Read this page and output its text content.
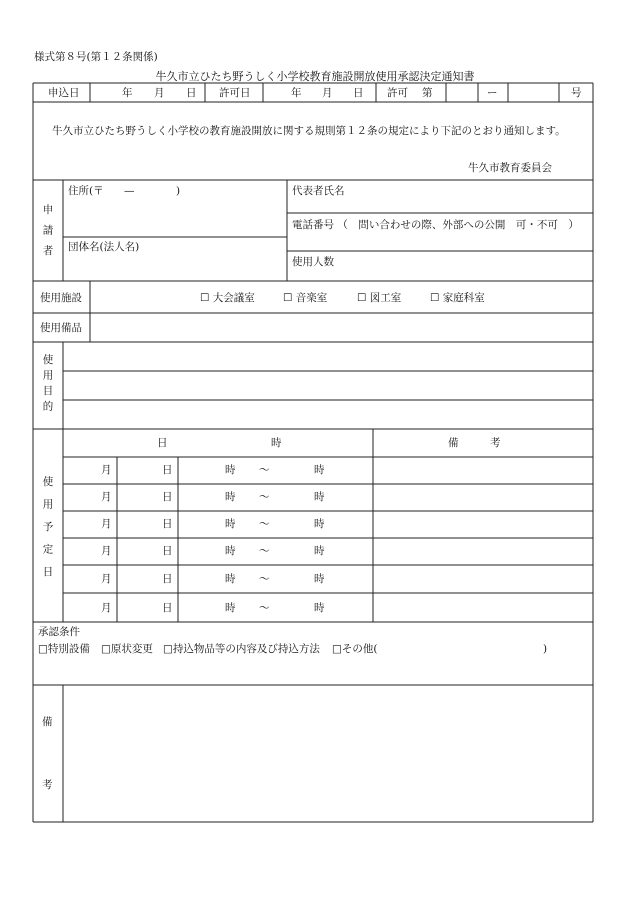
様式第８号(第１２条関係)
牛久市立ひたち野うしく小学校教育施設開放使用承認決定通知書
申込日	年 月 日 許可日	年 月 日 許可 第	ー	号
牛久市立ひたち野うしく小学校の教育施設開放に関する規則第１２条の規定により下記のとおり通知します。
牛久市教育委員会
申請者
住所(〒 —	)
団体名(法人名)
代表者氏名
電話番号 （　問い合わせの際、外部への公開　可・不可　）
使用人数
使用施設	☐ 大会議室	☐ 音楽室	☐ 図工室	☐ 家庭科室
使用備品
使用目的
日	時	備　　　考
使用予定日
月	日	時 ～	時
月	日	時 ～	時
月	日	時 ～	時
月	日	時 ～	時
月	日	時 ～	時
月	日	時 ～	時
承認条件
□特別設備 □原状変更 □持込物品等の内容及び持込方法 □その他(	)
備
考
